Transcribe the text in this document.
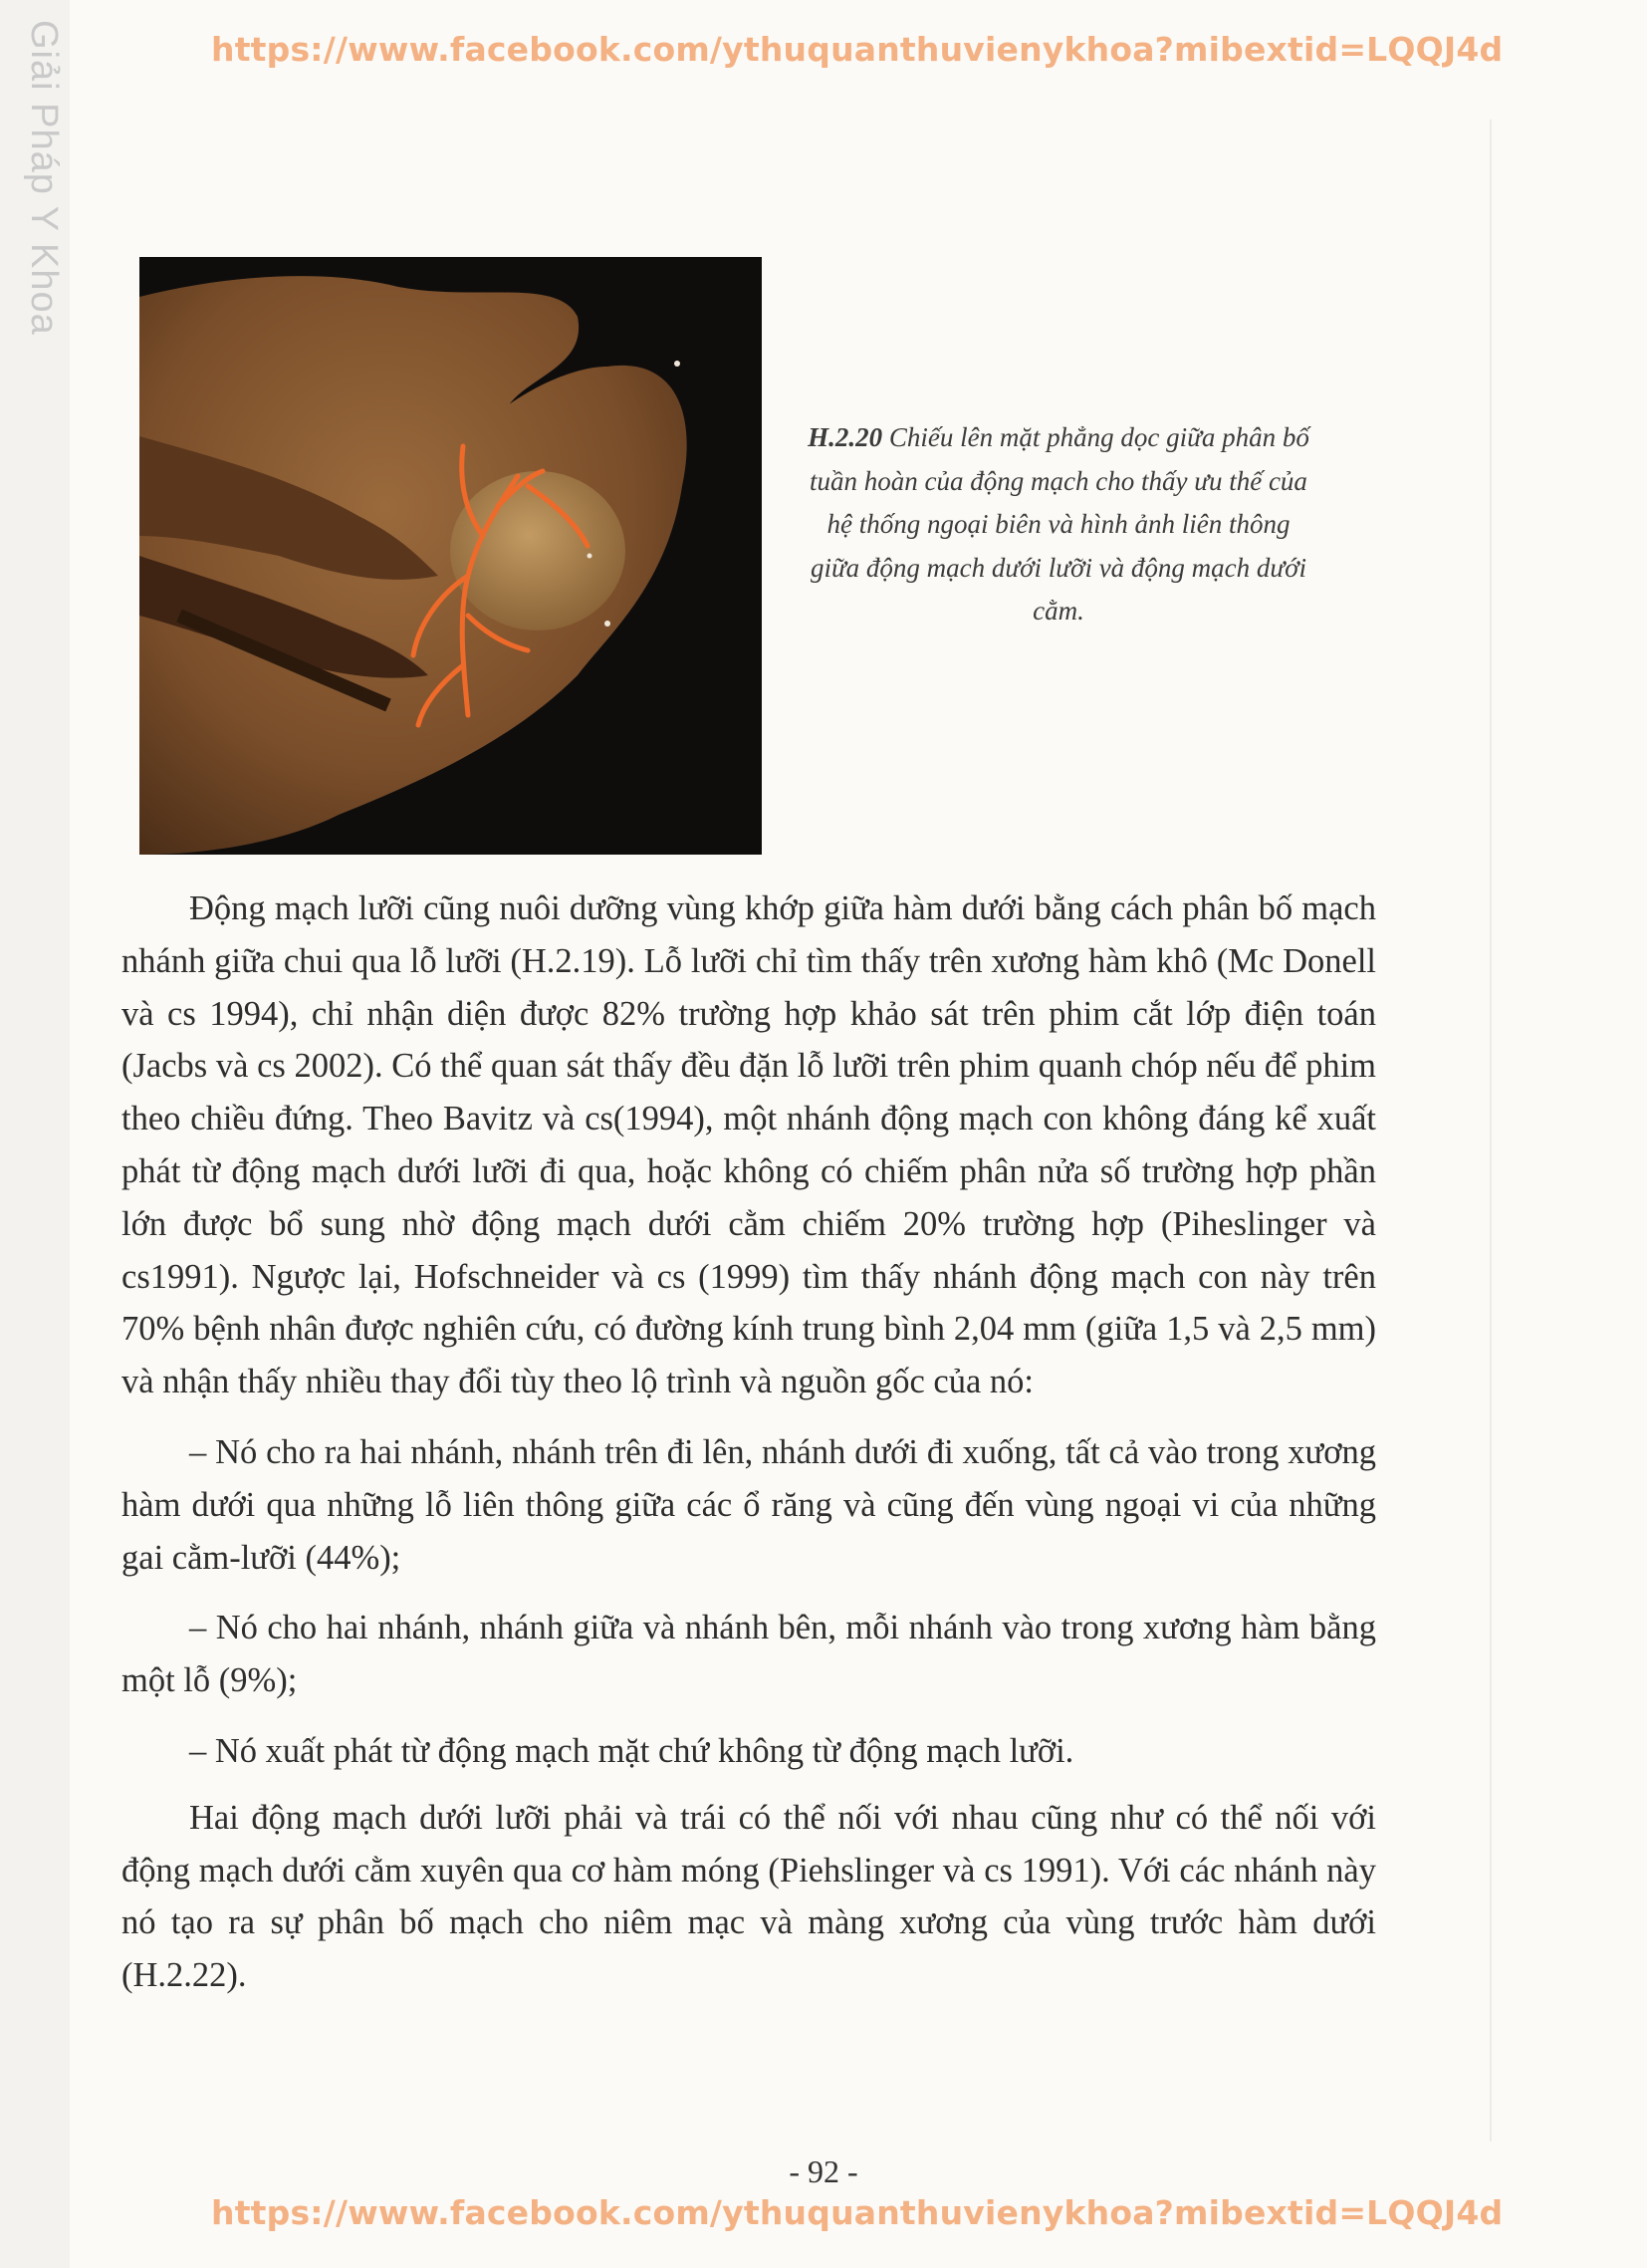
Giải Pháp Y Khoa	https://www.facebook.com/ythuquanthuvienykhoa?mibextid=LQQJ4d
H.2.20 Chiếu lên mặt phẳng dọc giữa phân bố tuần hoàn của động mạch cho thấy ưu thế của hệ thống ngoại biên và hình ảnh liên thông giữa động mạch dưới lưỡi và động mạch dưới cằm.

Động mạch lưỡi cũng nuôi dưỡng vùng khớp giữa hàm dưới bằng cách phân bố mạch nhánh giữa chui qua lỗ lưỡi (H.2.19). Lỗ lưỡi chỉ tìm thấy trên xương hàm khô (Mc Donell và cs 1994), chỉ nhận diện được 82% trường hợp khảo sát trên phim cắt lớp điện toán (Jacbs và cs 2002). Có thể quan sát thấy đều đặn lỗ lưỡi trên phim quanh chóp nếu để phim theo chiều đứng. Theo Bavitz và cs(1994), một nhánh động mạch con không đáng kể xuất phát từ động mạch dưới lưỡi đi qua, hoặc không có chiếm phân nửa số trường hợp phần lớn được bổ sung nhờ động mạch dưới cằm chiếm 20% trường hợp (Piheslinger và cs1991). Ngược lại, Hofschneider và cs (1999) tìm thấy nhánh động mạch con này trên 70% bệnh nhân được nghiên cứu, có đường kính trung bình 2,04 mm (giữa 1,5 và 2,5 mm) và nhận thấy nhiều thay đổi tùy theo lộ trình và nguồn gốc của nó:

– Nó cho ra hai nhánh, nhánh trên đi lên, nhánh dưới đi xuống, tất cả vào trong xương hàm dưới qua những lỗ liên thông giữa các ổ răng và cũng đến vùng ngoại vi của những gai cằm-lưỡi (44%);

– Nó cho hai nhánh, nhánh giữa và nhánh bên, mỗi nhánh vào trong xương hàm bằng một lỗ (9%);

– Nó xuất phát từ động mạch mặt chứ không từ động mạch lưỡi.

Hai động mạch dưới lưỡi phải và trái có thể nối với nhau cũng như có thể nối với động mạch dưới cằm xuyên qua cơ hàm móng (Piehslinger và cs 1991). Với các nhánh này nó tạo ra sự phân bố mạch cho niêm mạc và màng xương của vùng trước hàm dưới (H.2.22).

- 92 -
https://www.facebook.com/ythuquanthuvienykhoa?mibextid=LQQJ4d
